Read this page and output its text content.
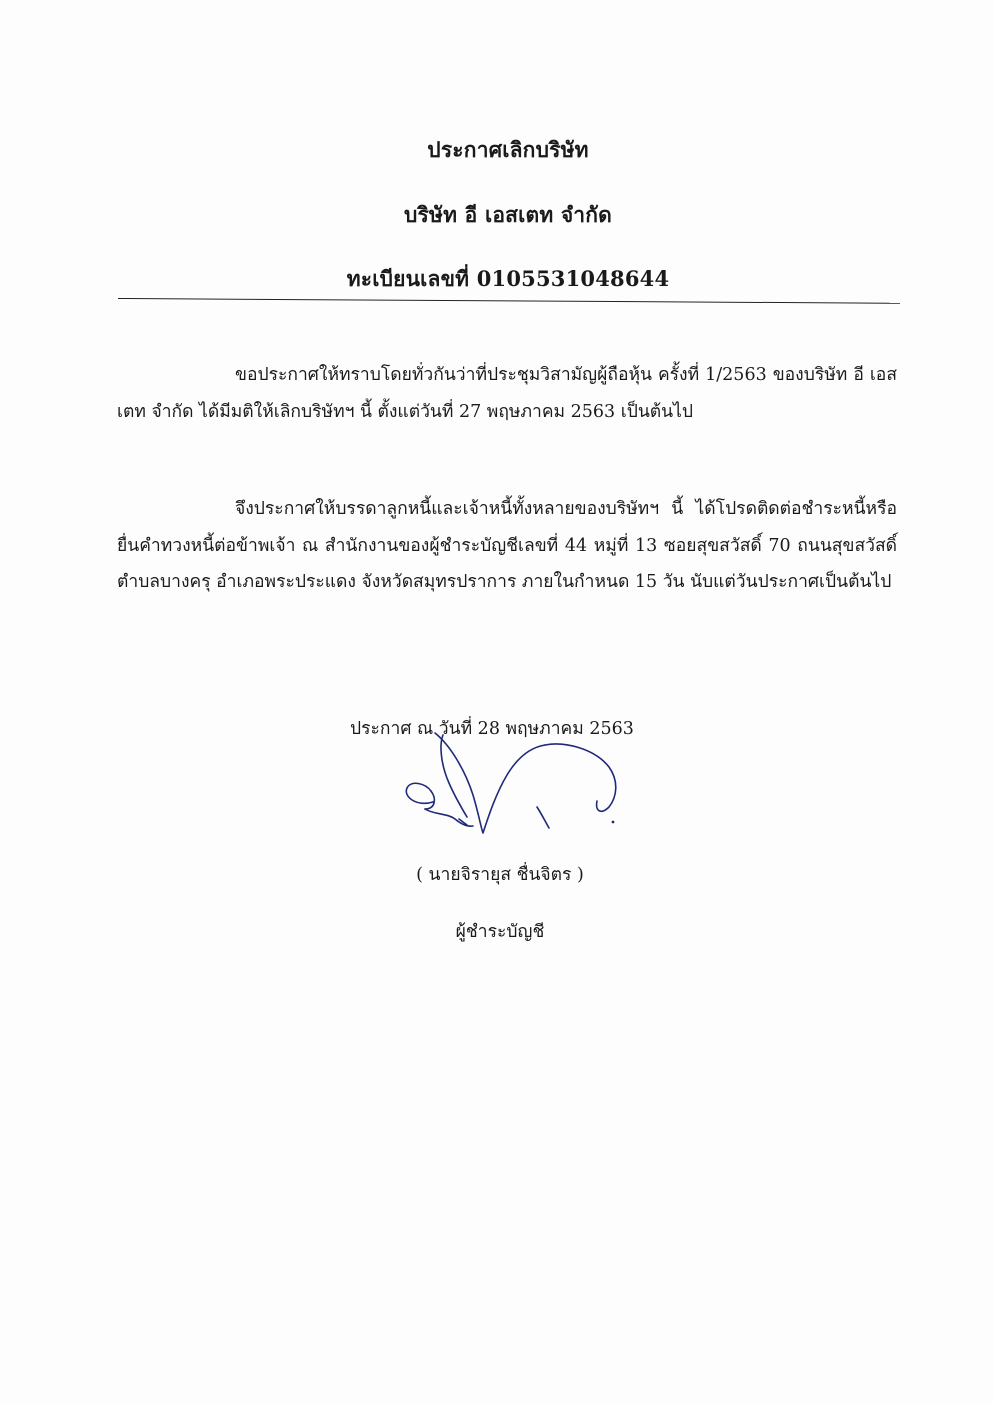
ประกาศเลิกบริษัท
บริษัท อี เอสเตท จำกัด
ทะเบียนเลขที่ 0105531048644

ขอประกาศให้ทราบโดยทั่วกันว่าที่ประชุมวิสามัญผู้ถือหุ้น ครั้งที่ 1/2563 ของบริษัท อี เอสเตท จำกัด ได้มีมติให้เลิกบริษัทฯ นี้ ตั้งแต่วันที่ 27 พฤษภาคม 2563 เป็นต้นไป

จึงประกาศให้บรรดาลูกหนี้และเจ้าหนี้ทั้งหลายของบริษัทฯ นี้ ได้โปรดติดต่อชำระหนี้หรือยื่นคำทวงหนี้ต่อข้าพเจ้า ณ สำนักงานของผู้ชำระบัญชีเลขที่ 44 หมู่ที่ 13 ซอยสุขสวัสดิ์ 70 ถนนสุขสวัสดิ์ ตำบลบางครุ อำเภอพระประแดง จังหวัดสมุทรปราการ ภายในกำหนด 15 วัน นับแต่วันประกาศเป็นต้นไป

ประกาศ ณ วันที่ 28 พฤษภาคม 2563
( นายจิรายุส ชื่นจิตร )
ผู้ชำระบัญชี
